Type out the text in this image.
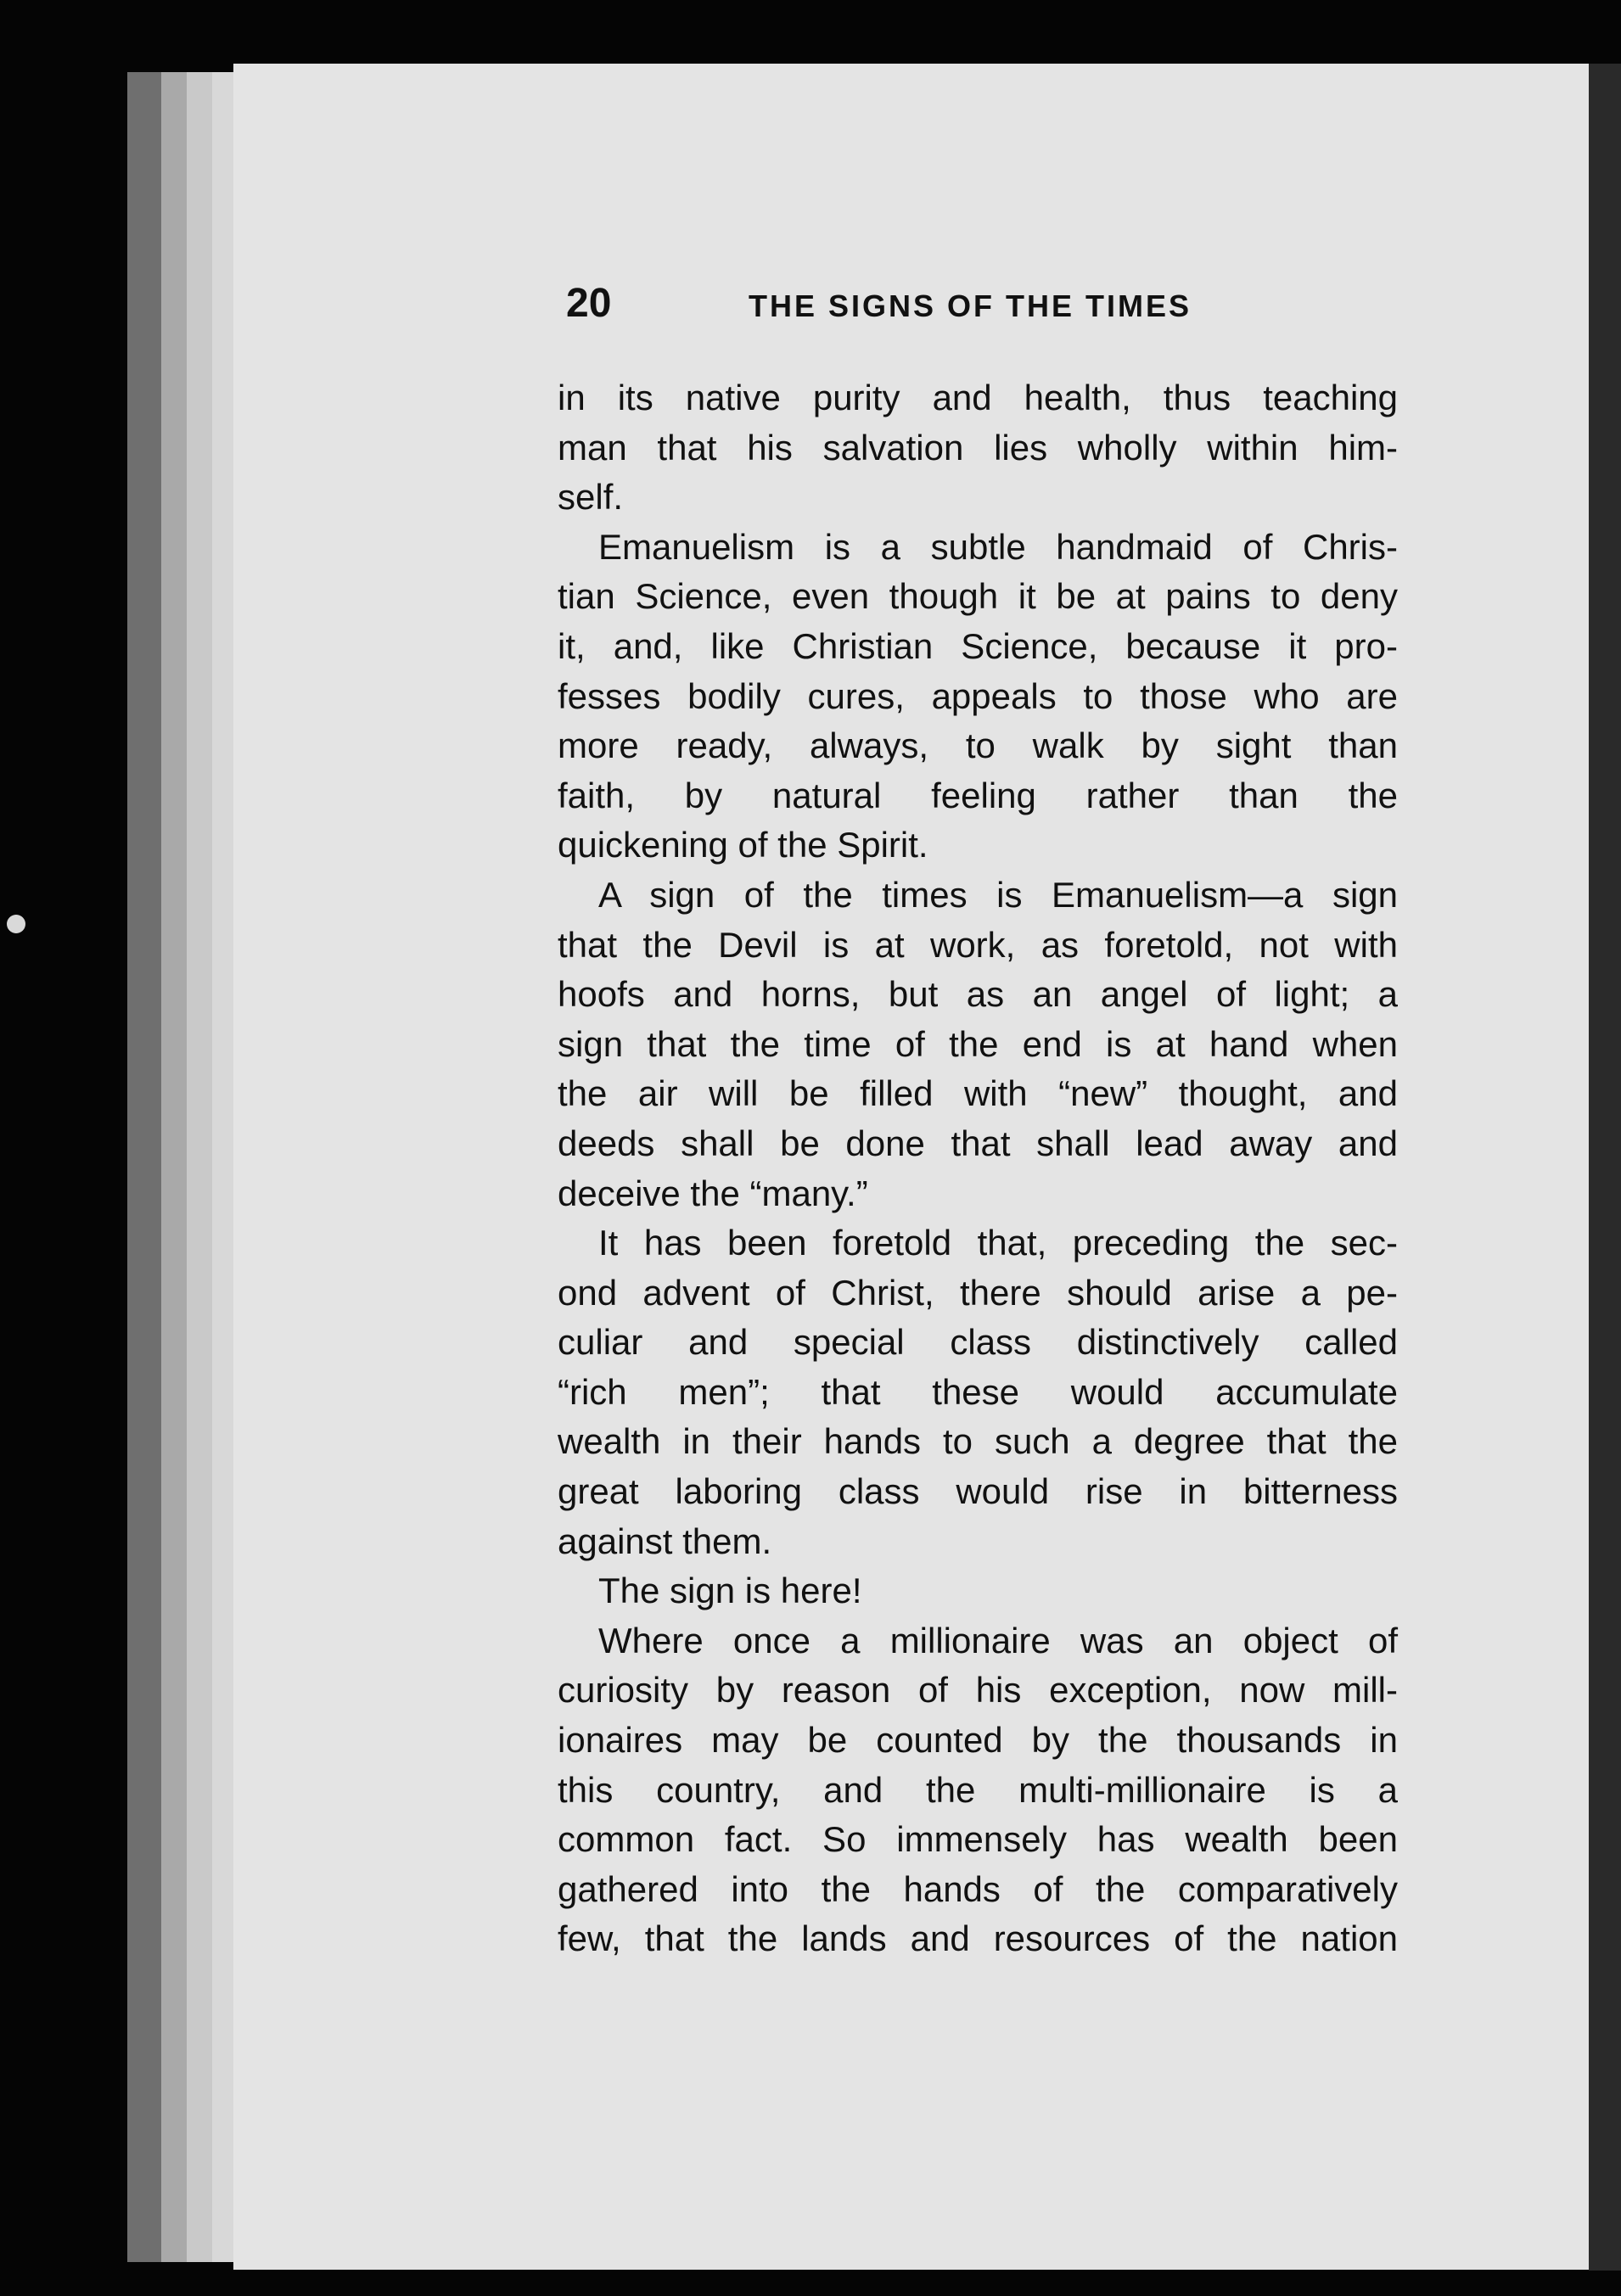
20	THE SIGNS OF THE TIMES
in its native purity and health, thus teaching
man that his salvation lies wholly within him-
self.
Emanuelism is a subtle handmaid of Chris-
tian Science, even though it be at pains to deny
it, and, like Christian Science, because it pro-
fesses bodily cures, appeals to those who are
more ready, always, to walk by sight than
faith, by natural feeling rather than the
quickening of the Spirit.
A sign of the times is Emanuelism—a sign
that the Devil is at work, as foretold, not with
hoofs and horns, but as an angel of light; a
sign that the time of the end is at hand when
the air will be filled with “new” thought, and
deeds shall be done that shall lead away and
deceive the “many.”
It has been foretold that, preceding the sec-
ond advent of Christ, there should arise a pe-
culiar and special class distinctively called
“rich men”; that these would accumulate
wealth in their hands to such a degree that the
great laboring class would rise in bitterness
against them.
The sign is here!
Where once a millionaire was an object of
curiosity by reason of his exception, now mill-
ionaires may be counted by the thousands in
this country, and the multi-millionaire is a
common fact. So immensely has wealth been
gathered into the hands of the comparatively
few, that the lands and resources of the nation
